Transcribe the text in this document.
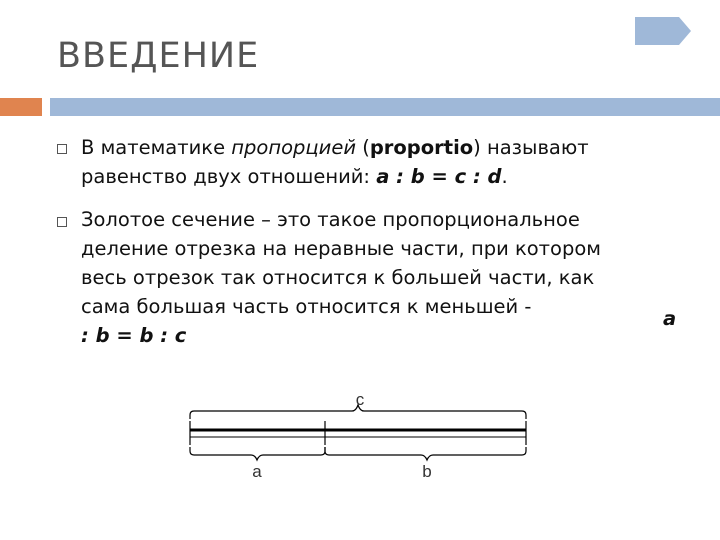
ВВЕДЕНИЕ
В математике пропорцией (proportio) называют
равенство двух отношений: a : b = c : d.
Золотое сечение – это такое пропорциональное
деление отрезка на неравные части, при котором
весь отрезок так относится к большей части, как
сама большая часть относится к меньшей -
: b = b : c
a
c
a	b
